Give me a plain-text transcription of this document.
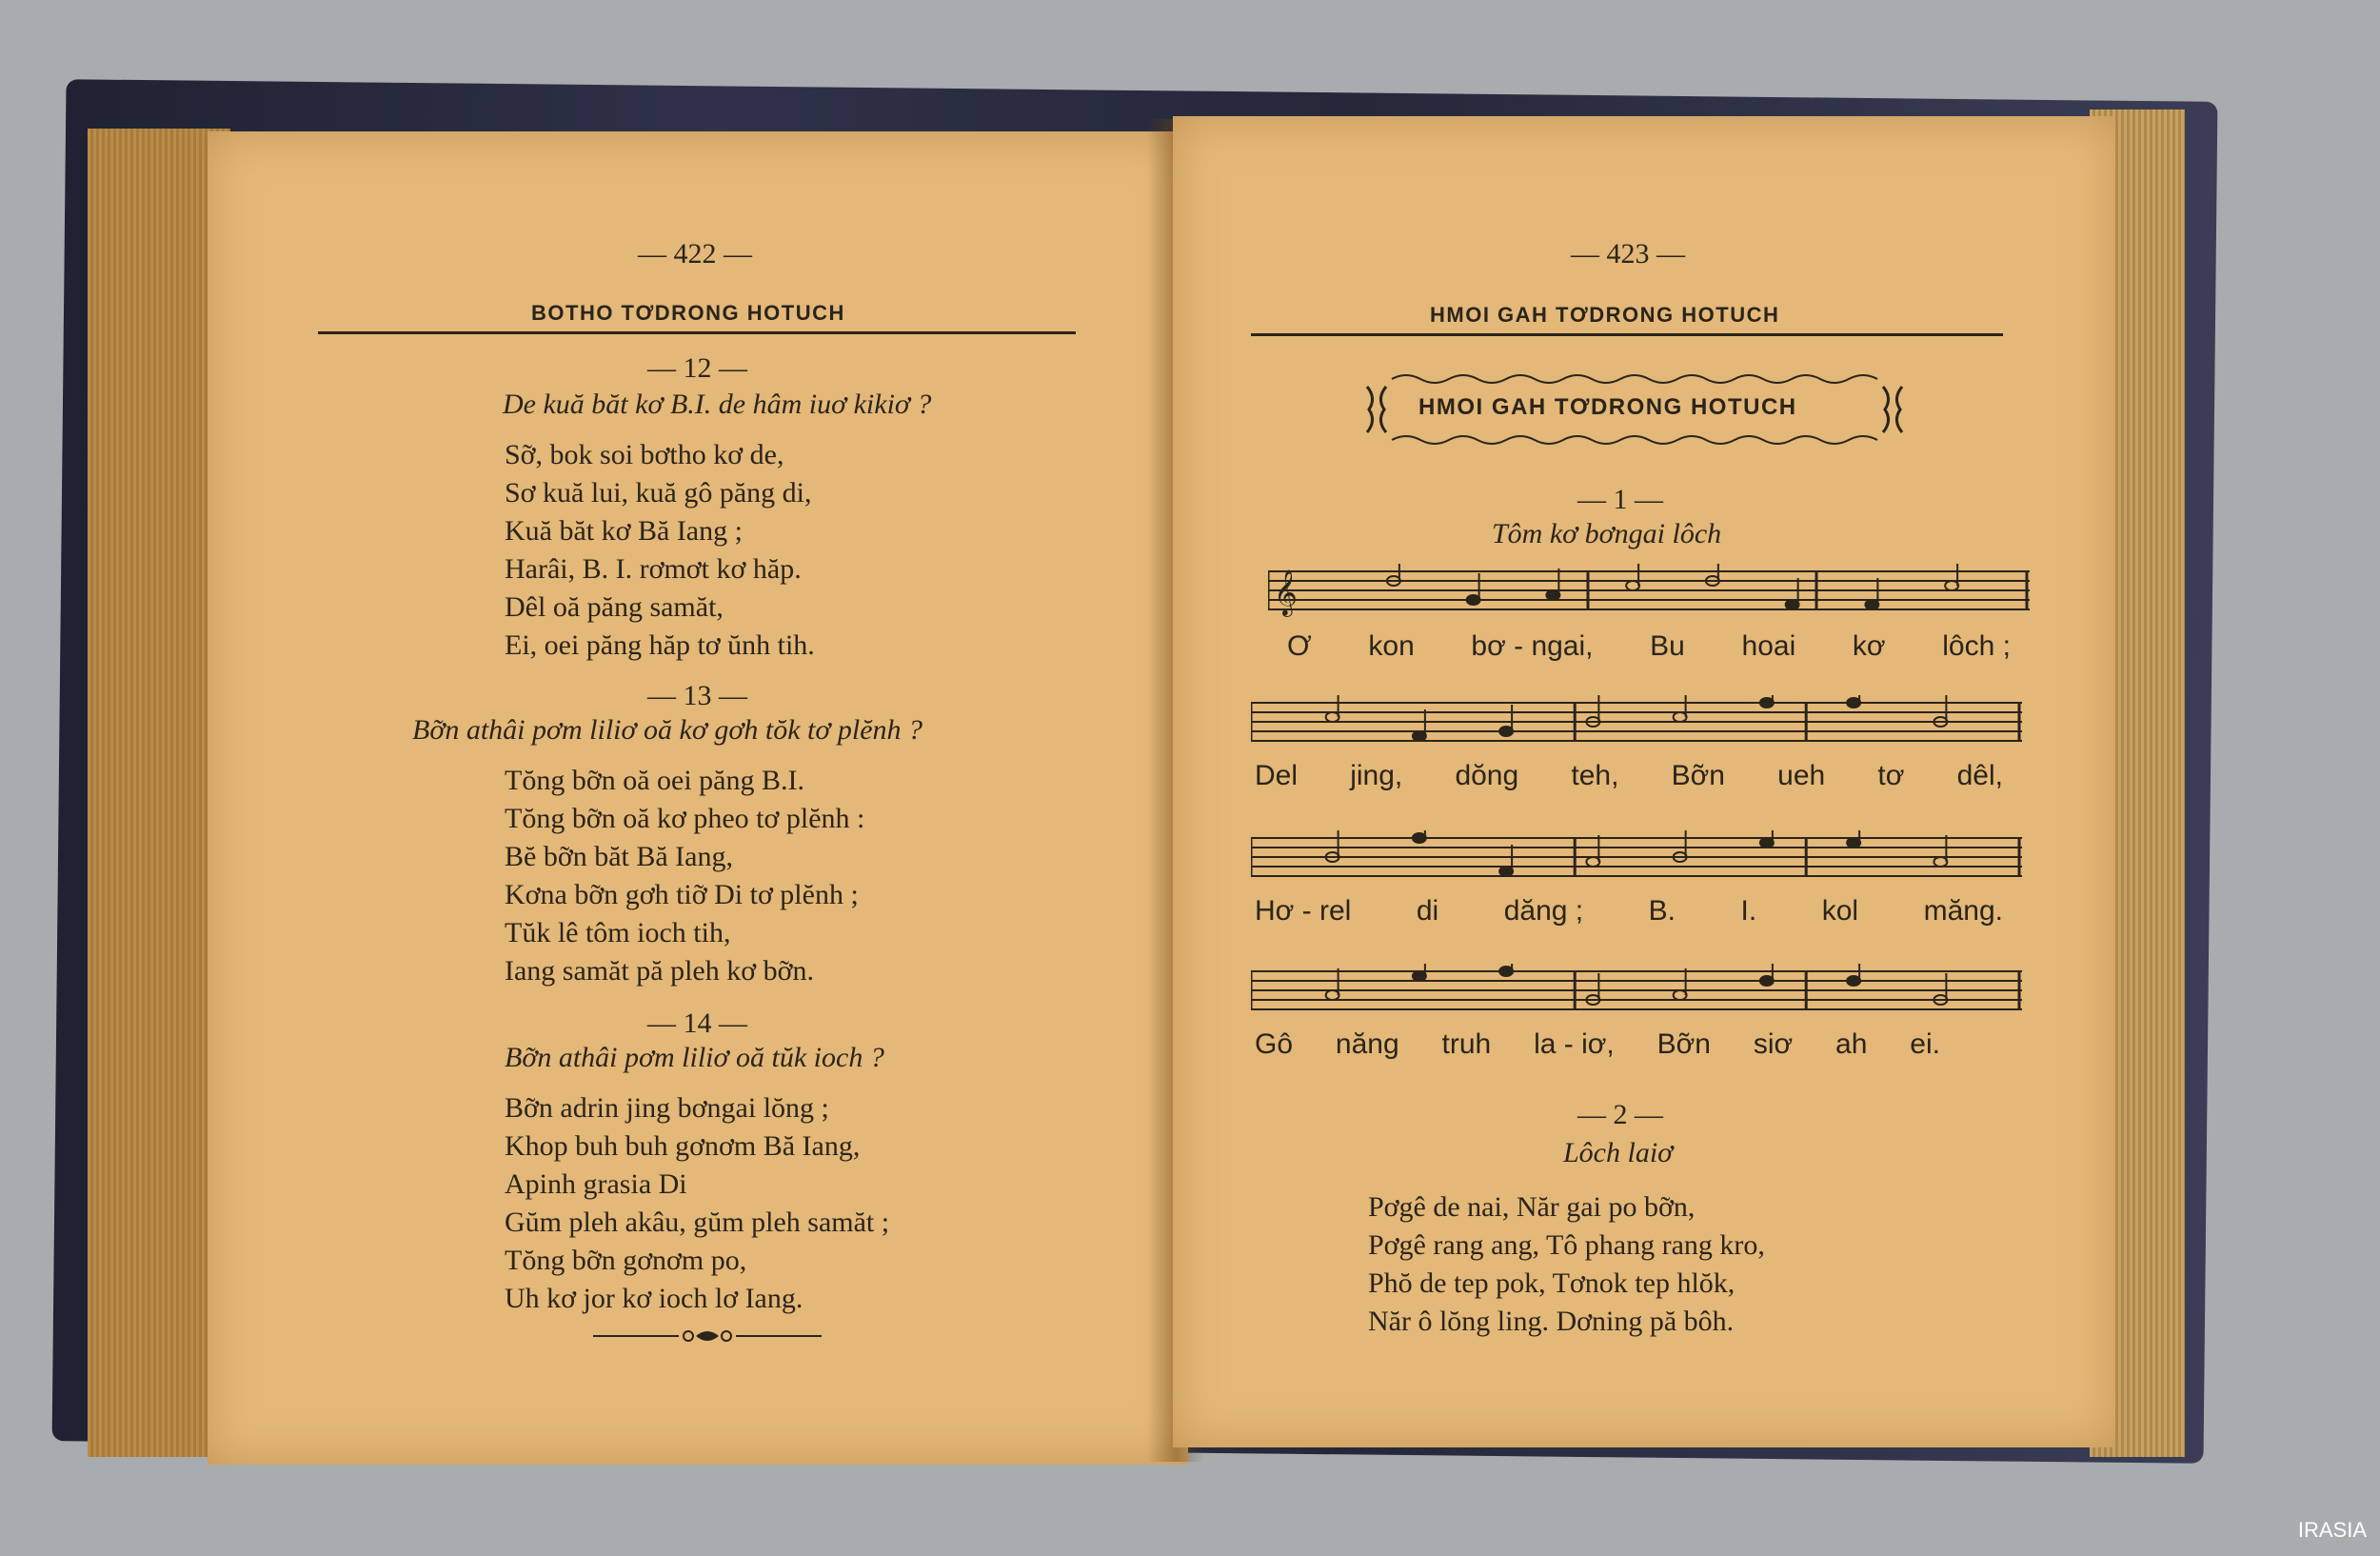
— 422 —
BOTHO TƠDRONG HOTUCH
— 12 —
De kuă băt kơ B.I. de hâm iuơ kikiơ ?
Sỡ, bok soi bơtho kơ de,
Sơ kuă lui, kuă gô păng di,
Kuă băt kơ Bă Iang ;
Harâi, B. I. rơmơt kơ hăp.
Dêl oă păng samăt,
Ei, oei păng hăp tơ ŭnh tih.
— 13 —
Bỡn athâi pơm liliơ oă kơ gơh tŏk tơ plĕnh ?
Tŏng bỡn oă oei păng B.I.
Tŏng bỡn oă kơ pheo tơ plĕnh :
Bĕ bỡn băt Bă Iang,
Kơna bỡn gơh tiỡ Di tơ plĕnh ;
Tŭk lê tôm ioch tih,
Iang samăt pă pleh kơ bỡn.
— 14 —
Bỡn athâi pơm liliơ oă tŭk ioch ?
Bỡn adrin jing bơngai lŏng ;
Khop buh buh gơnơm Bă Iang,
Apinh grasia Di
Gŭm pleh akâu, gŭm pleh samăt ;
Tŏng bỡn gơnơm po,
Uh kơ jor kơ ioch lơ Iang.
— 423 —
HMOI GAH TƠDRONG HOTUCH
HMOI GAH TƠDRONG HOTUCH
— 1 —
Tôm kơ bơngai lôch
𝄞
Ơ kon bơ - ngai, Bu hoai kơ lôch ;
Del jing, dŏng teh, Bỡn ueh tơ dêl,
Hơ - rel di dăng ; B. I. kol măng.
Gô năng truh la - iơ, Bỡn siơ ah ei.
— 2 —
Lôch laiơ
Pơgê de nai, Năr gai po bỡn,
Pơgê rang ang, Tô phang rang kro,
Phŏ de tep pok, Tơnok tep hlŏk,
Năr ô lŏng ling. Dơning pă bôh.
IRASIA
